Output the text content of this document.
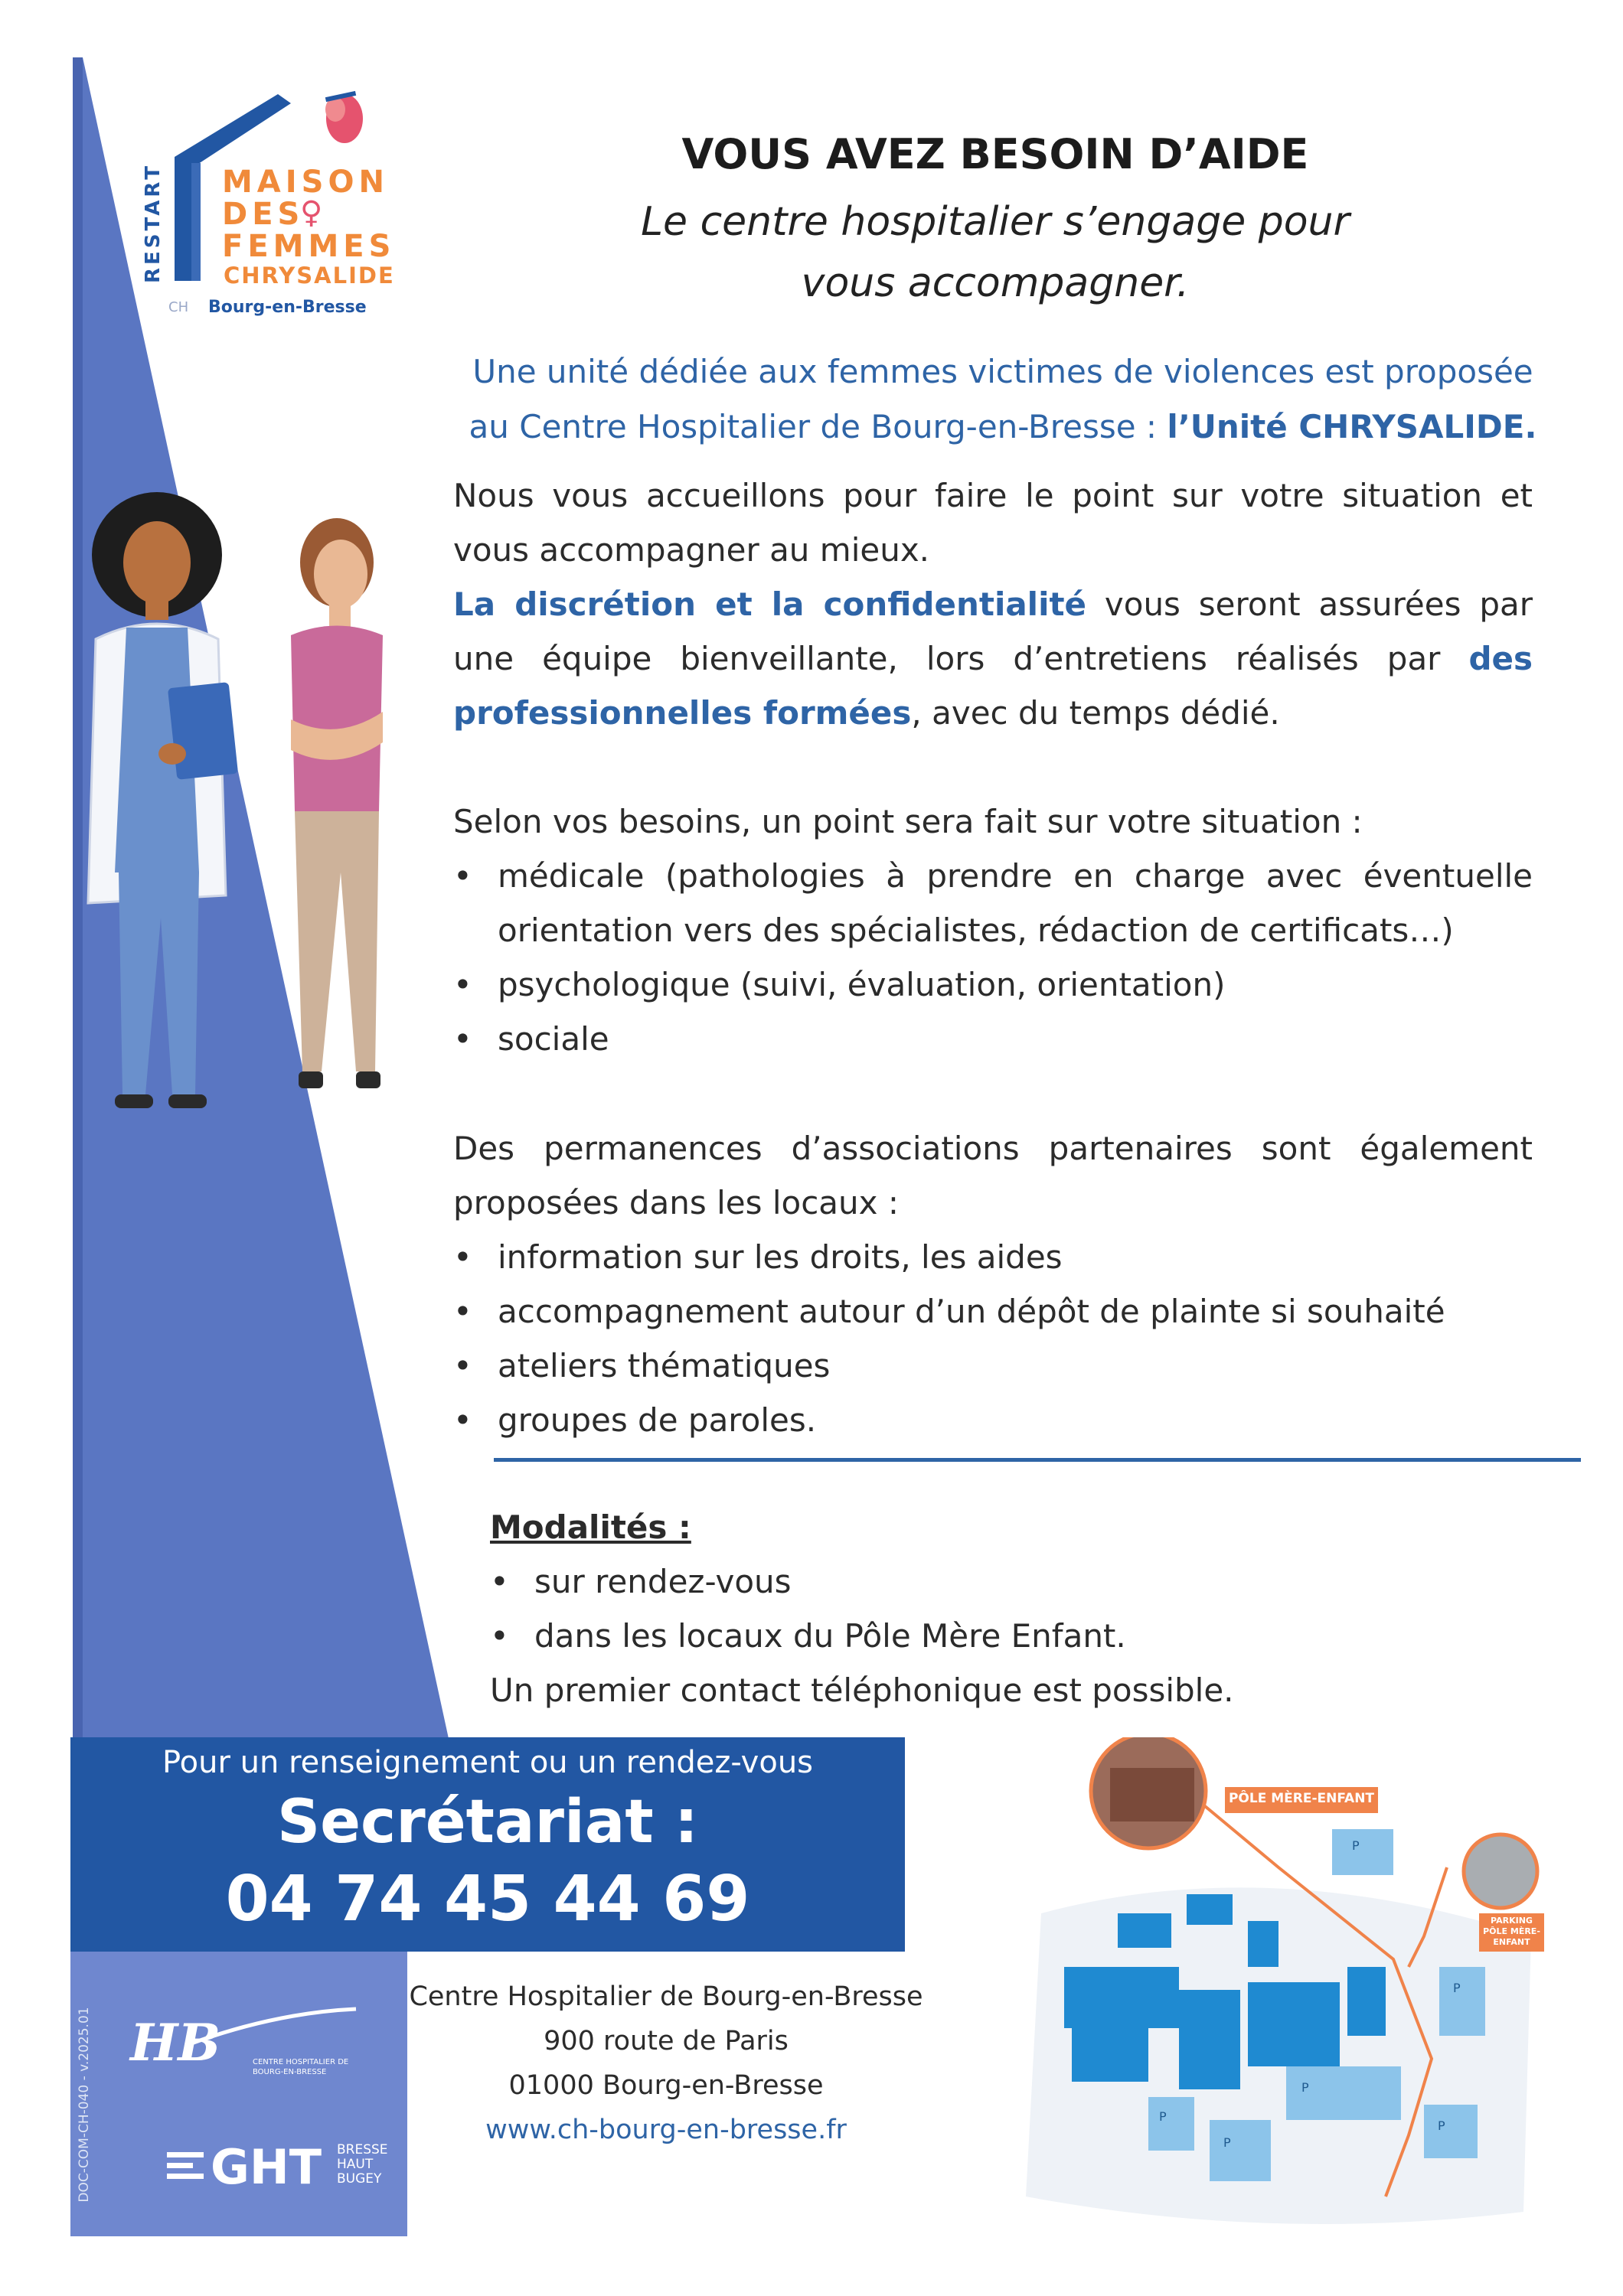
RESTART MAISON
DES
♀
FEMMES
CHRYSALIDE
CH Bourg-en-Bresse
VOUS AVEZ BESOIN D’AIDE
Le centre hospitalier s’engage pour
vous accompagner.
Une unité dédiée aux femmes victimes de violences est proposée au Centre Hospitalier de Bourg-en-Bresse : l’Unité CHRYSALIDE.

Nous vous accueillons pour faire le point sur votre situation et vous accompagner au mieux.

La discrétion et la confidentialité vous seront assurées par une équipe bienveillante, lors d’entretiens réalisés par des professionnelles formées, avec du temps dédié.

Selon vos besoins, un point sera fait sur votre situation :

• médicale (pathologies à prendre en charge avec éventuelle orientation vers des spécialistes, rédaction de certificats…)
• psychologique (suivi, évaluation, orientation)
• sociale

Des permanences d’associations partenaires sont également proposées dans les locaux :

• information sur les droits, les aides
• accompagnement autour d’un dépôt de plainte si souhaité
• ateliers thématiques
• groupes de paroles.
Modalités :
• sur rendez-vous
• dans les locaux du Pôle Mère Enfant.
Un premier contact téléphonique est possible.
Pour un renseignement ou un rendez-vous
Secrétariat :
04 74 45 44 69
DOC-COM-CH-040 - v.2025.01 HB	CENTRE HOSPITALIER DE BOURG-EN-BRESSE
GHT BRESSE
HAUT
BUGEY
Centre Hospitalier de Bourg-en-Bresse
900 route de Paris
01000 Bourg-en-Bresse
www.ch-bourg-en-bresse.fr
PÔLE MÈRE-ENFANT
PARKING PÔLE MÈRE-ENFANT
P
P
P
P
P
P
